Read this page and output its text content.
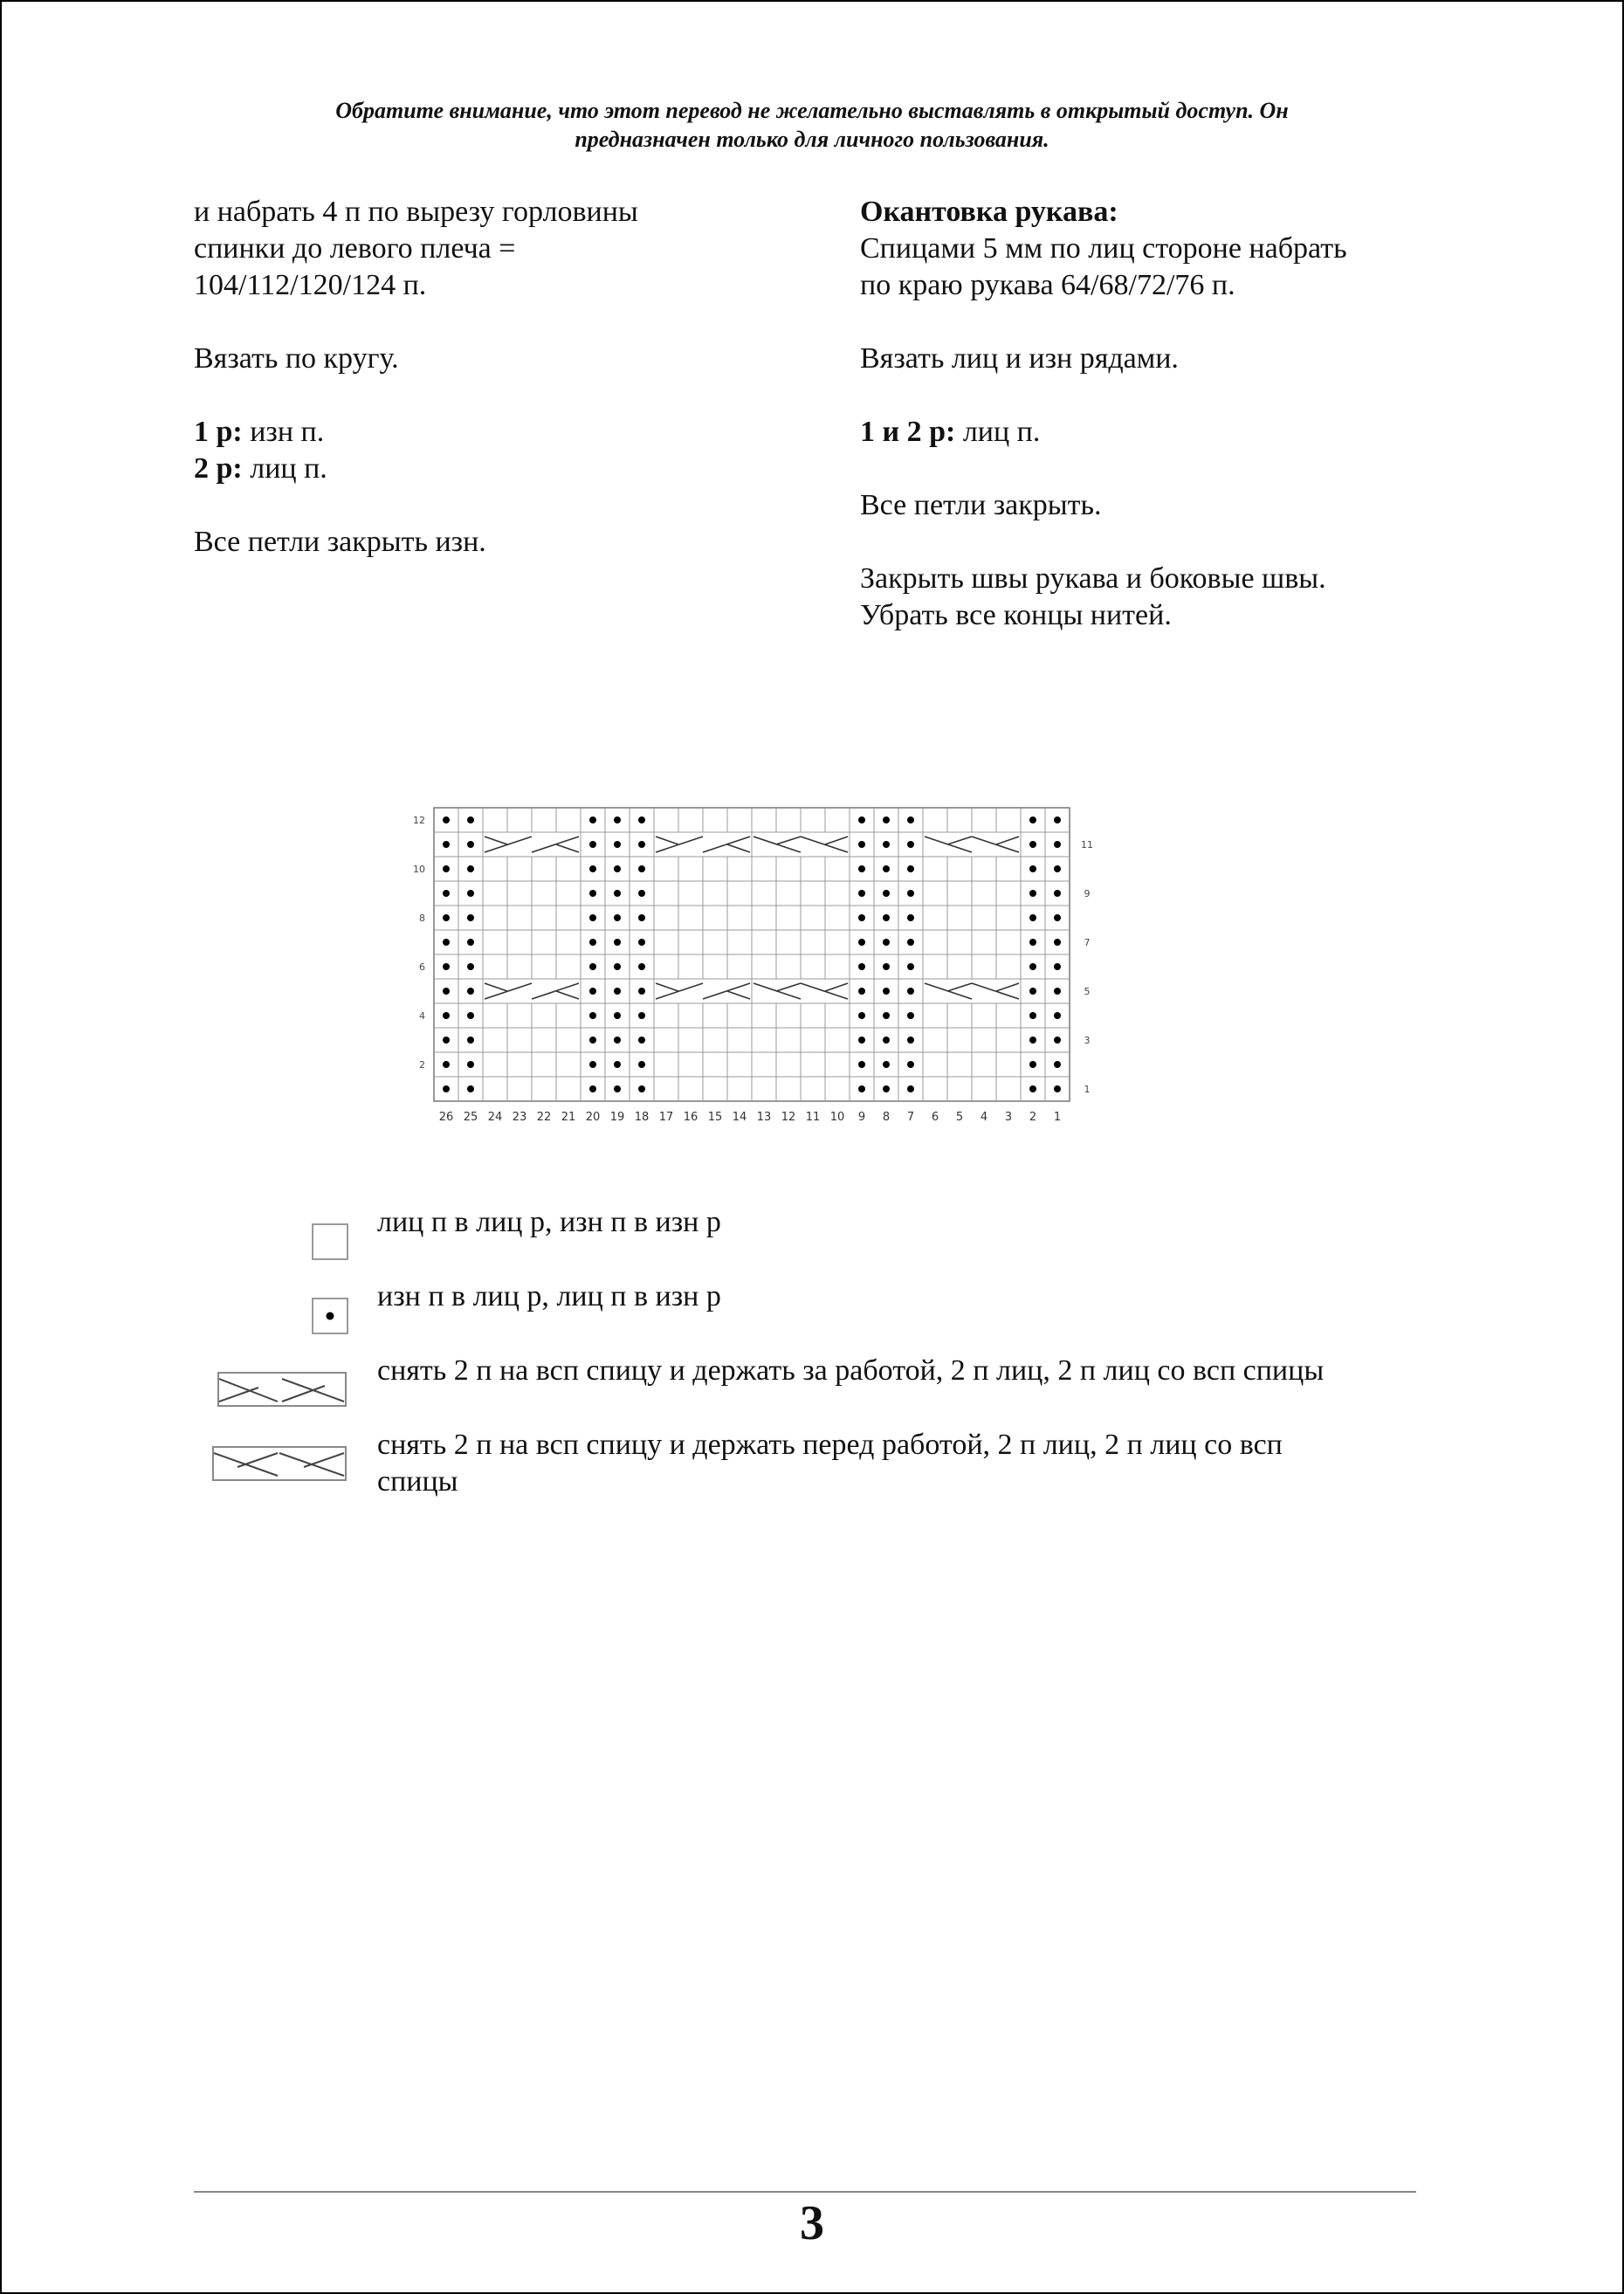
Обратите внимание, что этот перевод не желательно выставлять в открытый доступ. Он
предназначен только для личного пользования.

и набрать 4 п по вырезу горловины
спинки до левого плеча =
104/112/120/124 п.

Вязать по кругу.

1 р: изн п.
2 р: лиц п.

Все петли закрыть изн.

Окантовка рукава:
Спицами 5 мм по лиц стороне набрать
по краю рукава 64/68/72/76 п.

Вязать лиц и изн рядами.

1 и 2 р: лиц п.

Все петли закрыть.

Закрыть швы рукава и боковые швы.
Убрать все концы нитей.

26 25 24 23 22 21 20 19 18 17 16 15 14 13 12 11 10 9 8 7 6 5 4 3 2 1
2
4
6
8
10
12
1
3
5
7
9
11
лиц п в лиц р, изн п в изн р
изн п в лиц р, лиц п в изн р
снять 2 п на всп спицу и держать за работой, 2 п лиц, 2 п лиц со всп спицы
снять 2 п на всп спицу и держать перед работой, 2 п лиц, 2 п лиц со всп
спицы
3
